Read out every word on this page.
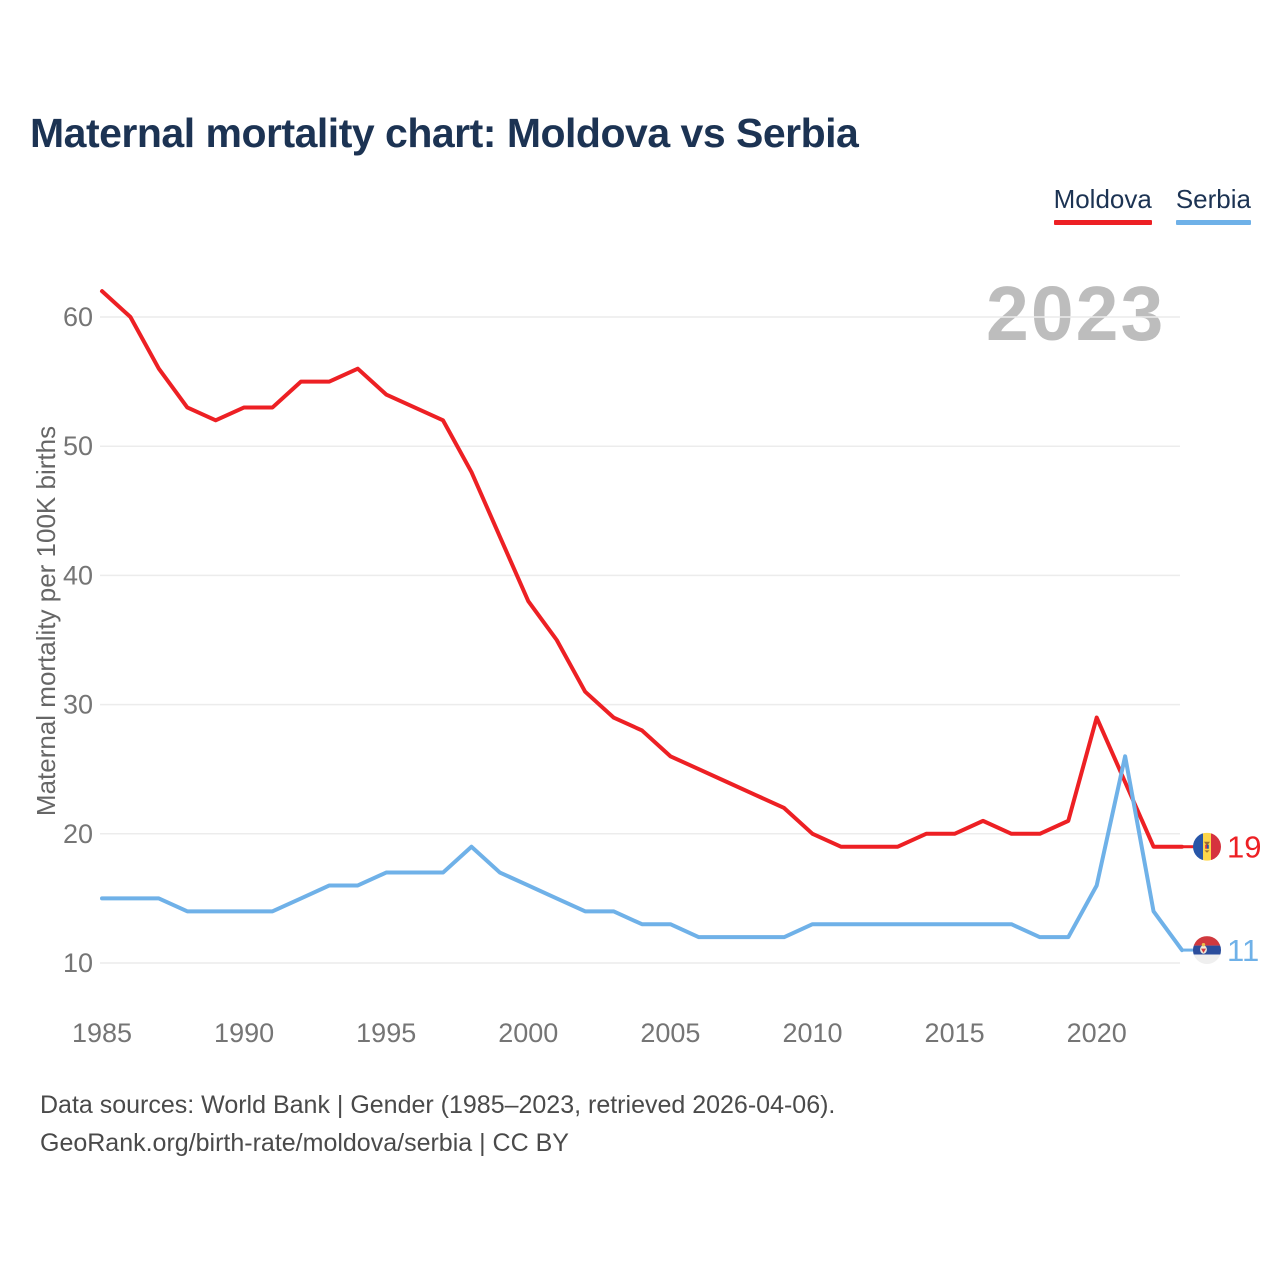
Maternal mortality chart: Moldova vs Serbia
Moldova Serbia
2023
Maternal mortality per 100K births
60
50
40
30
20
10
1985	1990	1995	2000	2005	2010	2015	2020
19
11
Data sources: World Bank | Gender (1985–2023, retrieved 2026-04-06).
GeoRank.org/birth-rate/moldova/serbia | CC BY
